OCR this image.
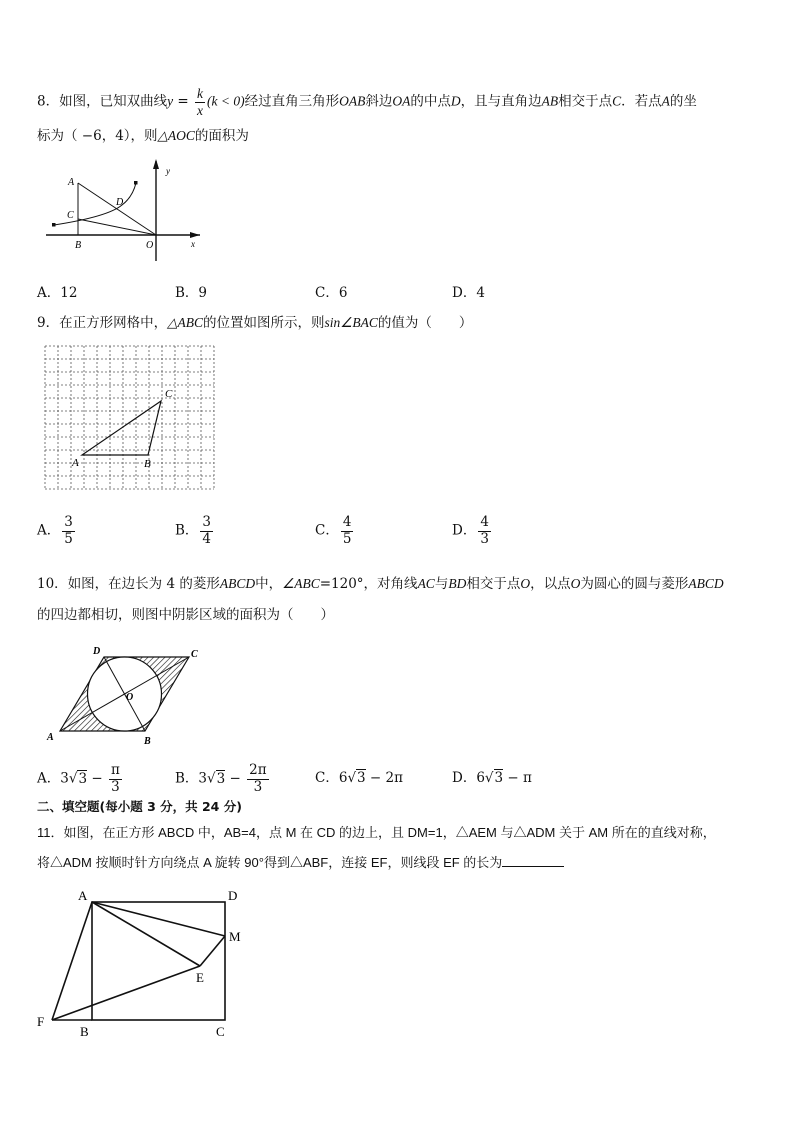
8．如图，已知双曲线$y = \frac{k}{x} (k < 0)$经过直角三角形OAB斜边OA的中点D，且与直角边AB相交于点C．若点A的坐
标为（ −6，4），则△AOC的面积为
A
D
C
B	O	x
y
A．12	B．9	C．6	D．4
9．在正方形网格中，△ABC的位置如图所示，则sin∠BAC的值为（　　）
A	B
C
A． $\frac{3}{5}$	B． $\frac{3}{4}$	C． $\frac{4}{5}$	D． $\frac{4}{3}$
10．如图，在边长为 4 的菱形ABCD中，∠ABC=120°，对角线AC与BD相交于点O，以点O为圆心的圆与菱形ABCD
的四边都相切，则图中阴影区域的面积为（　　）
A	B
C
D
O
A．$3√3 - \frac{\pi}{3}$	B．$3√3 - \frac{2\pi}{3}$	C．6√3 − 2π	D．6√3 − π
二、填空题(每小题 3 分，共 24 分)
11．如图，在正方形 ABCD 中，AB=4，点 M 在 CD 的边上，且 DM=1，△AEM 与△ADM 关于 AM 所在的直线对称，
将△ADM 按顺时针方向绕点 A 旋转 90°得到△ABF，连接 EF，则线段 EF 的长为
A	D
M
E
F
B	C
